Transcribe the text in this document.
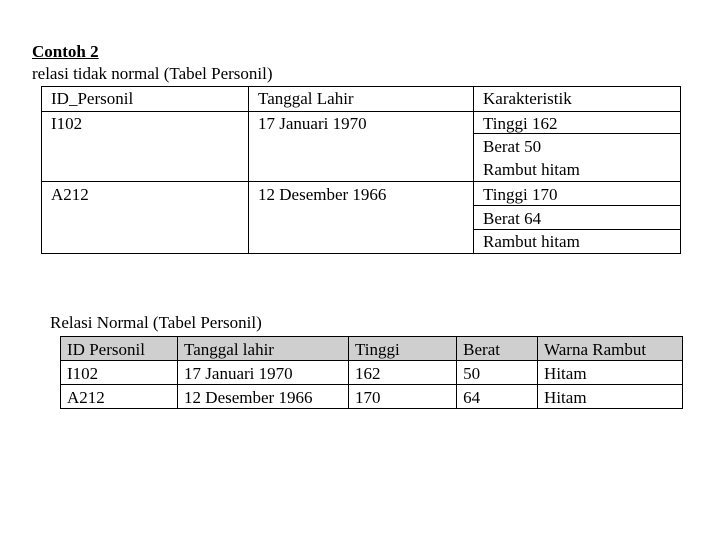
Contoh 2
relasi tidak normal (Tabel Personil)
ID_Personil	Tanggal Lahir	Karakteristik
I102	17 Januari 1970	Tinggi 162
Berat 50
Rambut hitam
A212	12 Desember 1966	Tinggi 170
Berat 64
Rambut hitam
Relasi Normal (Tabel Personil)
ID Personil	Tanggal lahir	Tinggi	Berat	Warna Rambut
I102	17 Januari 1970	162	50	Hitam
A212	12 Desember 1966	170	64	Hitam
